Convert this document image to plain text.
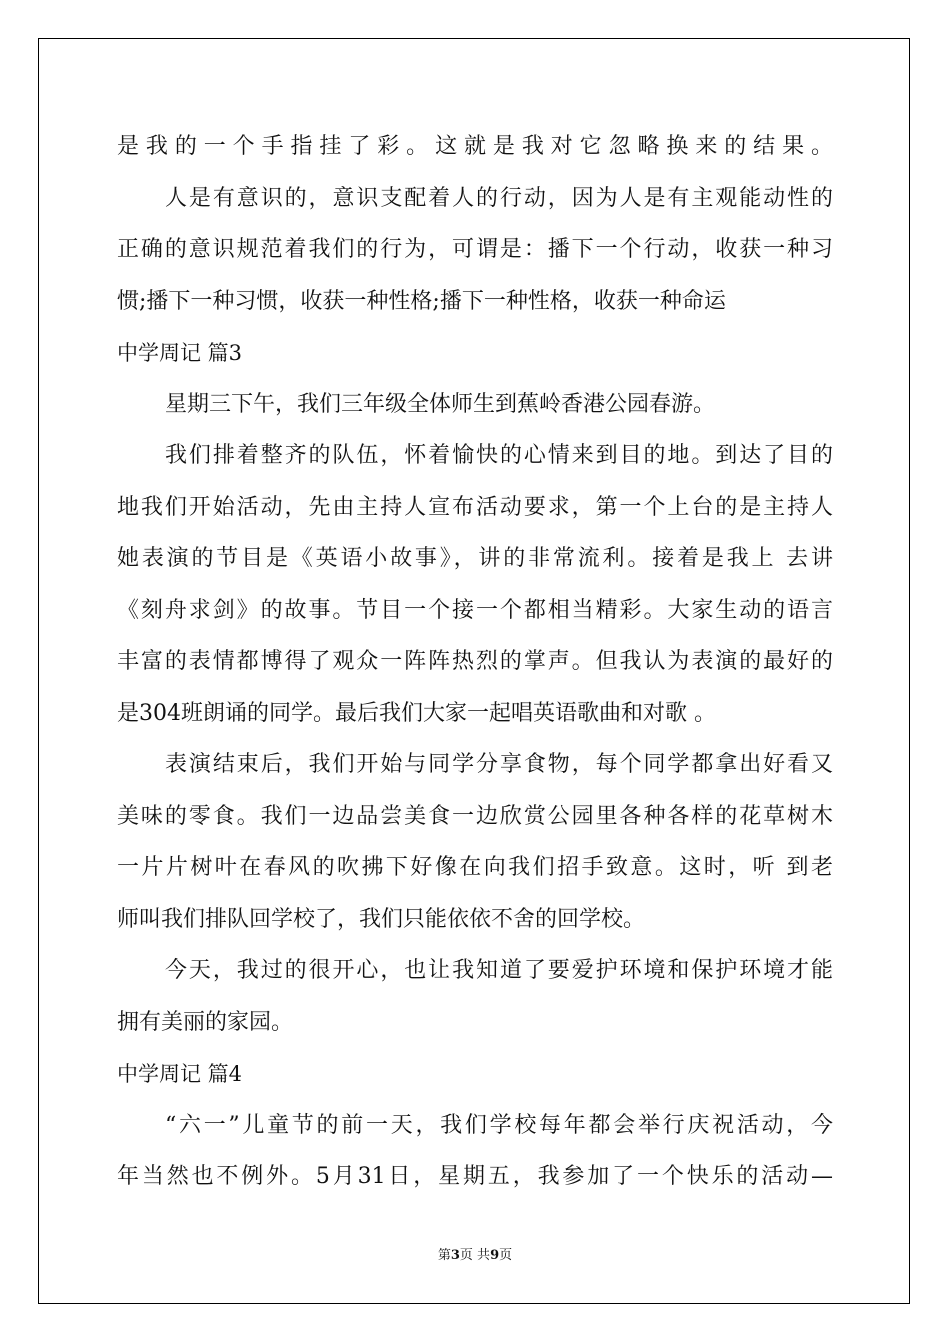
是我的一个手指挂了彩。这就是我对它忽略换来的结果。
人是有意识的，意识支配着人的行动，因为人是有主观能动性的
正确的意识规范着我们的行为，可谓是：播下一个行动，收获一种习
惯;播下一种习惯，收获一种性格;播下一种性格，收获一种命运
中学周记 篇3
星期三下午，我们三年级全体师生到蕉岭香港公园春游。
我们排着整齐的队伍，怀着愉快的心情来到目的地。到达了目的
地我们开始活动，先由主持人宣布活动要求，第一个上台的是主持人
她表演的节目是《英语小故事》，讲的非常流利。接着是我上 去讲
《刻舟求剑》的故事。节目一个接一个都相当精彩。大家生动的语言
丰富的表情都博得了观众一阵阵热烈的掌声。但我认为表演的最好的
是304班朗诵的同学。最后我们大家一起唱英语歌曲和对歌 。
表演结束后，我们开始与同学分享食物，每个同学都拿出好看又
美味的零食。我们一边品尝美食一边欣赏公园里各种各样的花草树木
一片片树叶在春风的吹拂下好像在向我们招手致意。这时，听 到老
师叫我们排队回学校了，我们只能依依不舍的回学校。
今天，我过的很开心，也让我知道了要爱护环境和保护环境才能
拥有美丽的家园。
中学周记 篇4
“六一”儿童节的前一天，我们学校每年都会举行庆祝活动，今
年当然也不例外。5月31日，星期五，我参加了一个快乐的活动—
第3页 共9页
